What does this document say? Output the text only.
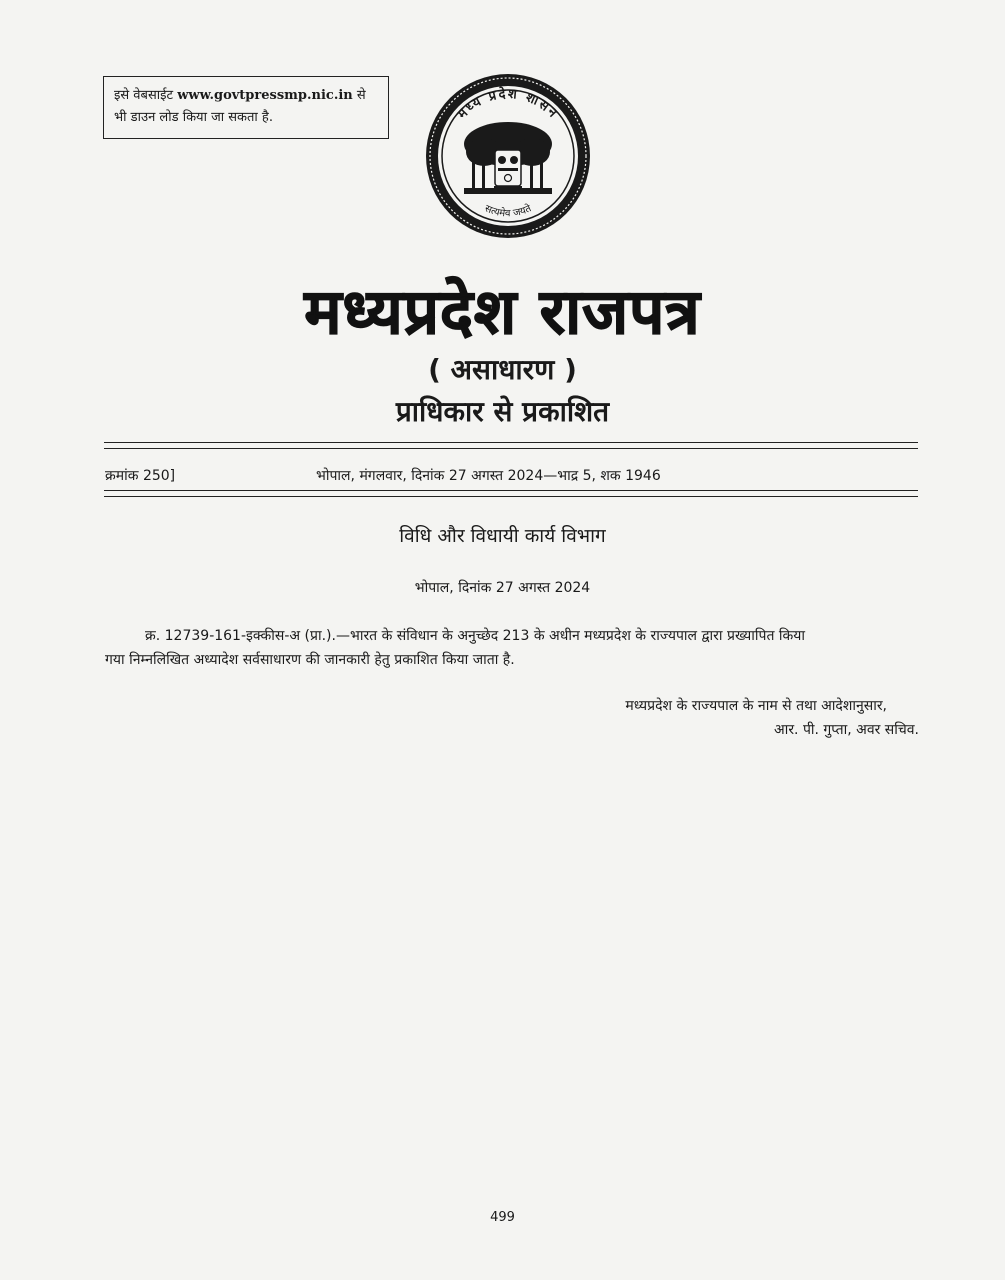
इसे वेबसाईट www.govtpressmp.nic.in से
भी डाउन लोड किया जा सकता है.	मध्य प्रदेश शासन
सत्यमेव जयते
मध्यप्रदेश राजपत्र
( असाधारण )
प्राधिकार से प्रकाशित
क्रमांक 250]	भोपाल, मंगलवार, दिनांक 27 अगस्त 2024—भाद्र 5, शक 1946
विधि और विधायी कार्य विभाग
भोपाल, दिनांक 27 अगस्त 2024
क्र. 12739-161-इक्कीस-अ (प्रा.).—भारत के संविधान के अनुच्छेद 213 के अधीन मध्यप्रदेश के राज्यपाल द्वारा प्रख्यापित किया
गया निम्नलिखित अध्यादेश सर्वसाधारण की जानकारी हेतु प्रकाशित किया जाता है.
मध्यप्रदेश के राज्यपाल के नाम से तथा आदेशानुसार,
आर. पी. गुप्ता, अवर सचिव.
499
